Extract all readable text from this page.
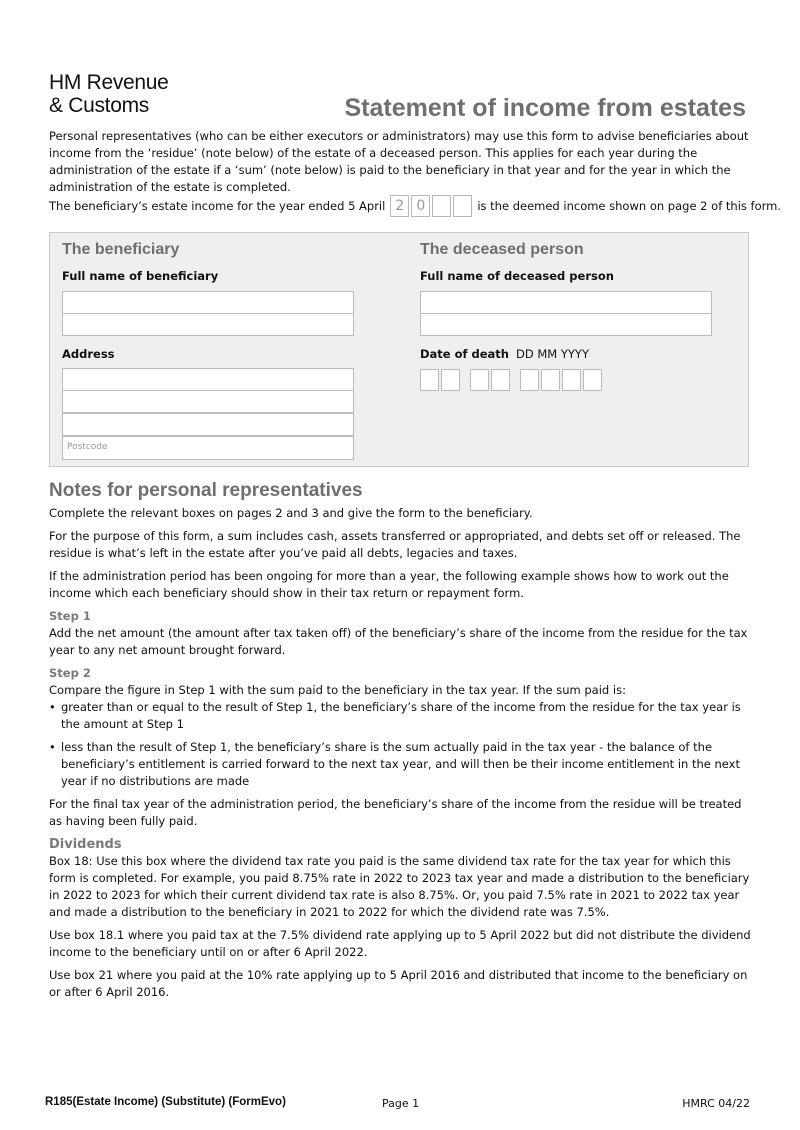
HM Revenue
& Customs	Statement of income from estates
Personal representatives (who can be either executors or administrators) may use this form to advise beneficiaries about income from the ‘residue’ (note below) of the estate of a deceased person. This applies for each year during the administration of the estate if a ‘sum’ (note below) is paid to the beneficiary in that year and for the year in which the administration of the estate is completed.
The beneficiary’s estate income for the year ended 5 April 2 0	is the deemed income shown on page 2 of this form.
The beneficiary
Full name of beneficiary
Address
Postcode
The deceased person
Full name of deceased person
Date of death DD MM YYYY
Notes for personal representatives

Complete the relevant boxes on pages 2 and 3 and give the form to the beneficiary.

For the purpose of this form, a sum includes cash, assets transferred or appropriated, and debts set off or released. The residue is what’s left in the estate after you’ve paid all debts, legacies and taxes.

If the administration period has been ongoing for more than a year, the following example shows how to work out the income which each beneficiary should show in their tax return or repayment form.

Step 1

Add the net amount (the amount after tax taken off) of the beneficiary’s share of the income from the residue for the tax year to any net amount brought forward.

Step 2

Compare the figure in Step 1 with the sum paid to the beneficiary in the tax year. If the sum paid is:

• greater than or equal to the result of Step 1, the beneficiary’s share of the income from the residue for the tax year is the amount at Step 1

• less than the result of Step 1, the beneficiary’s share is the sum actually paid in the tax year - the balance of the beneficiary’s entitlement is carried forward to the next tax year, and will then be their income entitlement in the next year if no distributions are made

For the final tax year of the administration period, the beneficiary’s share of the income from the residue will be treated as having been fully paid.

Dividends

Box 18: Use this box where the dividend tax rate you paid is the same dividend tax rate for the tax year for which this form is completed. For example, you paid 8.75% rate in 2022 to 2023 tax year and made a distribution to the beneficiary in 2022 to 2023 for which their current dividend tax rate is also 8.75%. Or, you paid 7.5% rate in 2021 to 2022 tax year and made a distribution to the beneficiary in 2021 to 2022 for which the dividend rate was 7.5%.

Use box 18.1 where you paid tax at the 7.5% dividend rate applying up to 5 April 2022 but did not distribute the dividend income to the beneficiary until on or after 6 April 2022.

Use box 21 where you paid at the 10% rate applying up to 5 April 2016 and distributed that income to the beneficiary on or after 6 April 2016.

R185(Estate Income) (Substitute) (FormEvo)	Page 1	HMRC 04/22
